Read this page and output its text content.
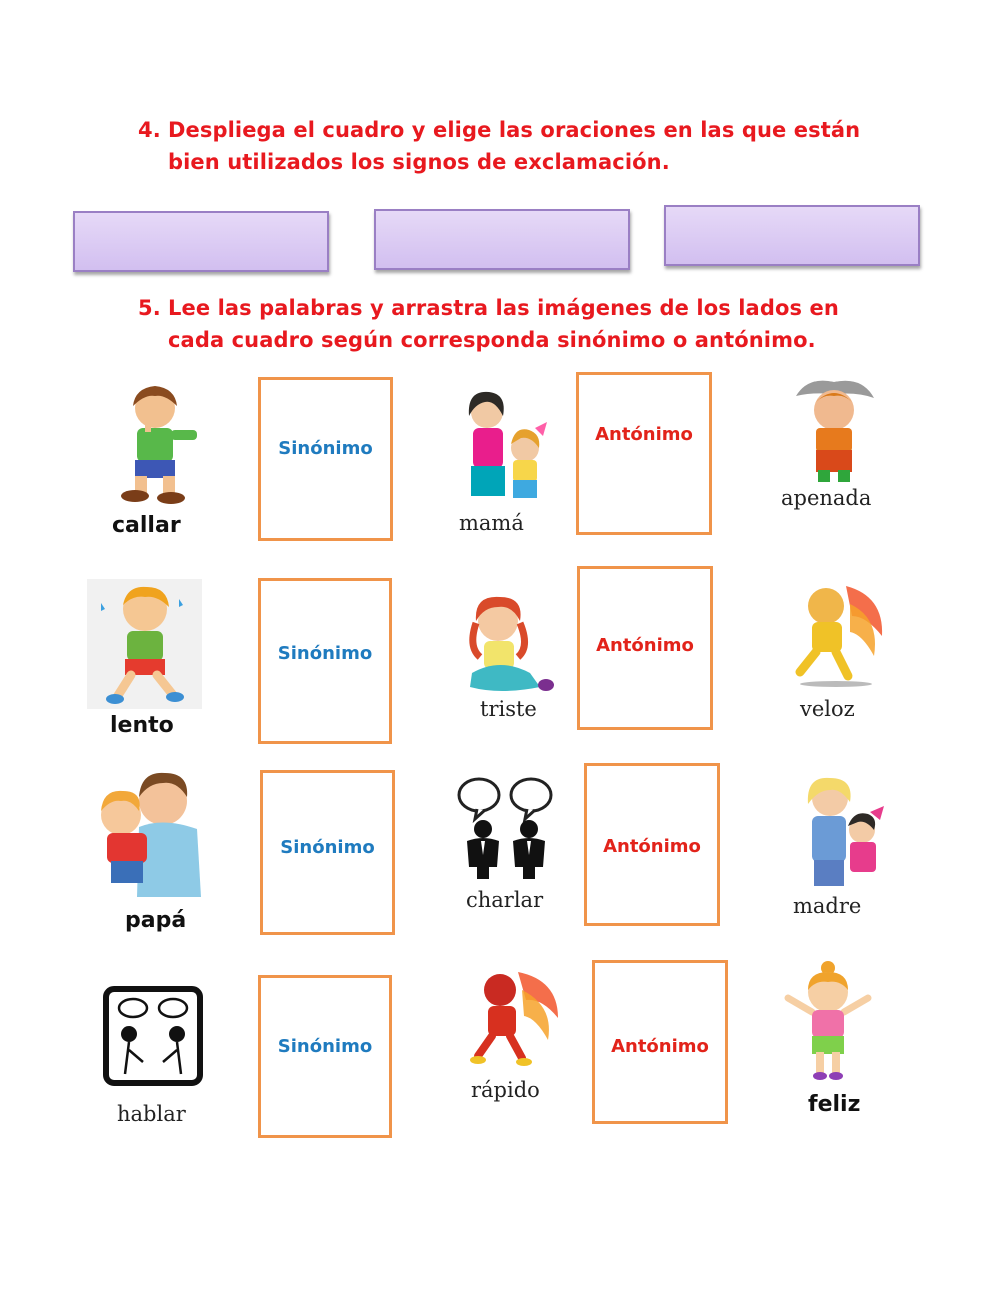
4. Despliega el cuadro y elige las oraciones en las que están bien utilizados los signos de exclamación.
5. Lee las palabras y arrastra las imágenes de los lados en cada cuadro según corresponda sinónimo o antónimo.
callar
Sinónimo
mamá
Antónimo
apenada
lento
Sinónimo
triste
Antónimo
veloz
papá
Sinónimo
charlar
Antónimo
madre
hablar
Sinónimo
rápido
Antónimo
feliz
